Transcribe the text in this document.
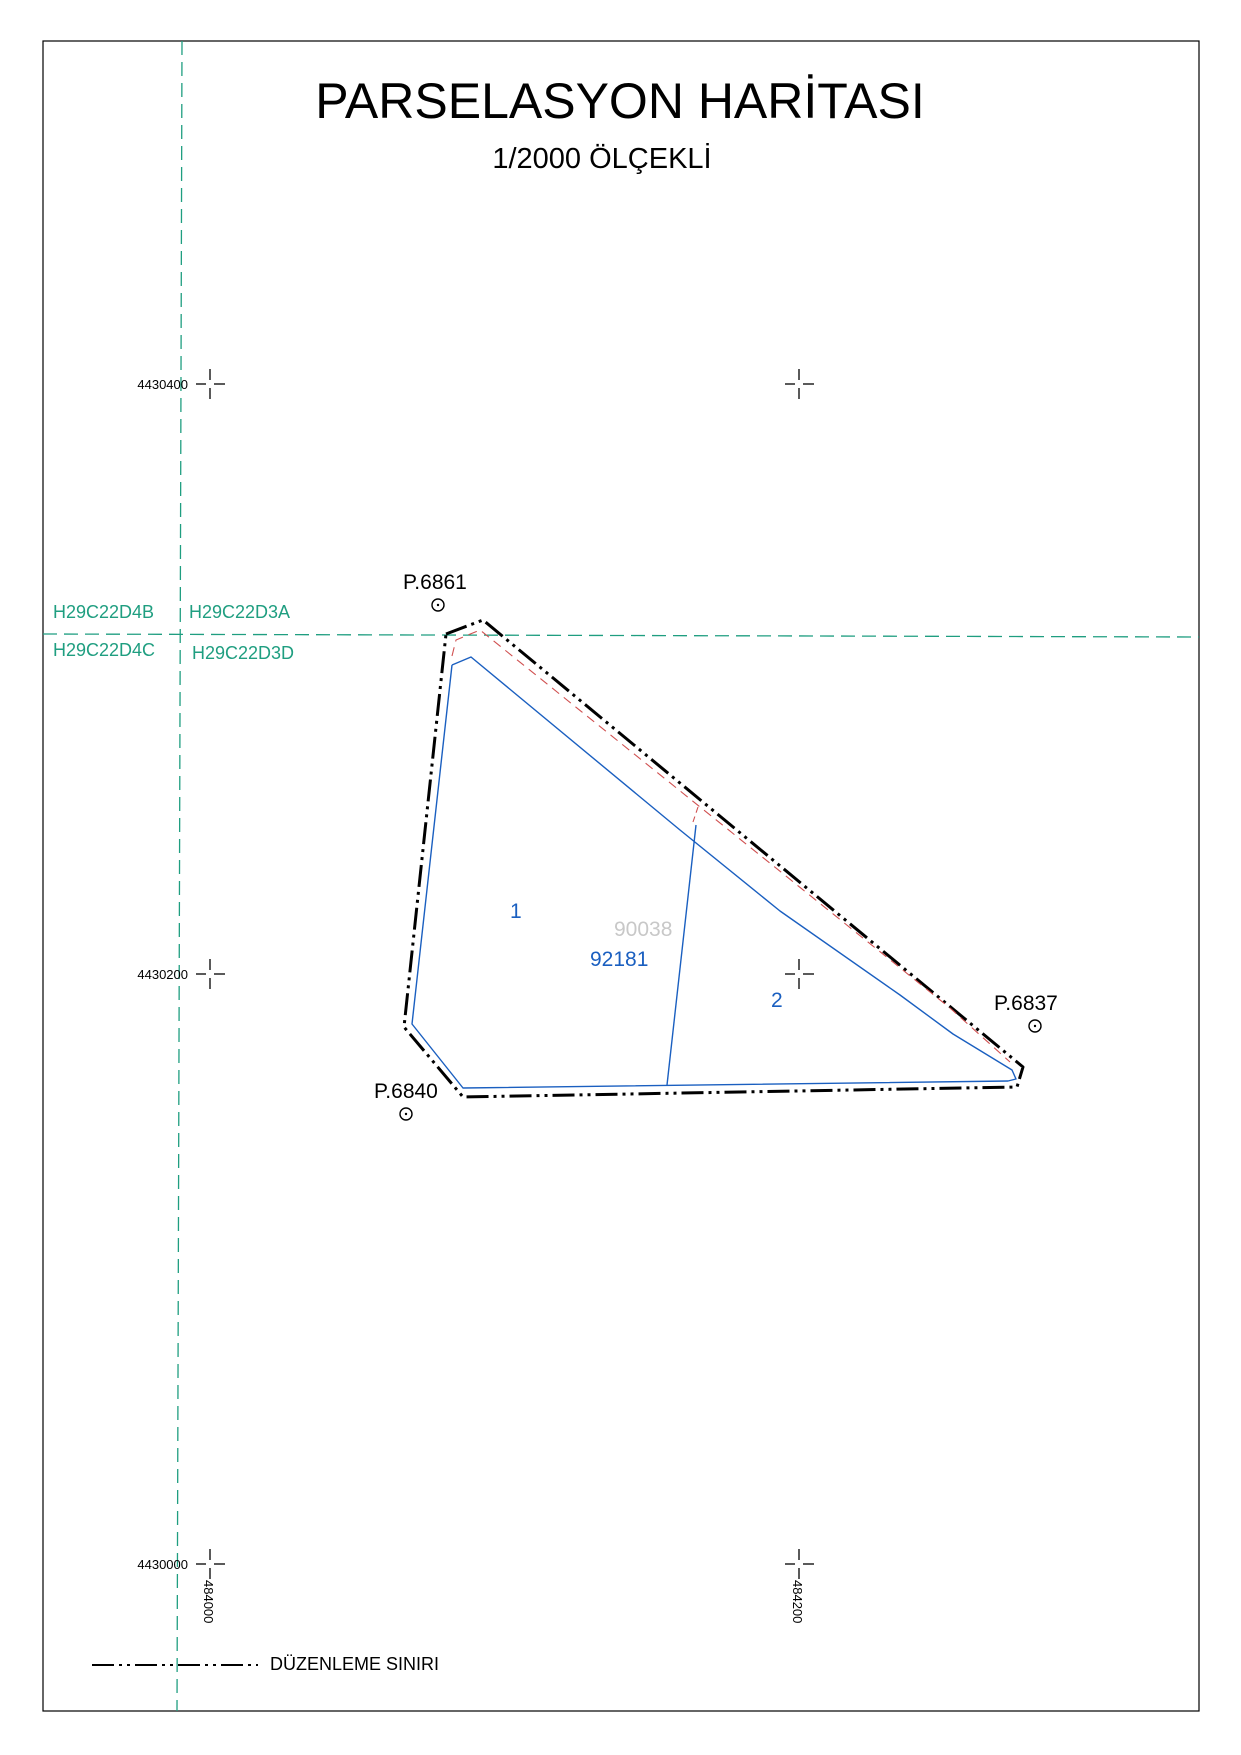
PARSELASYON HARİTASI
1/2000 ÖLÇEKLİ
H29C22D4B H29C22D3A
H29C22D4C H29C22D3D
4430400
4430200
4430000
484000	484200
90038
92181
1
2
P.6861
P.6837
P.6840
DÜZENLEME SINIRI
